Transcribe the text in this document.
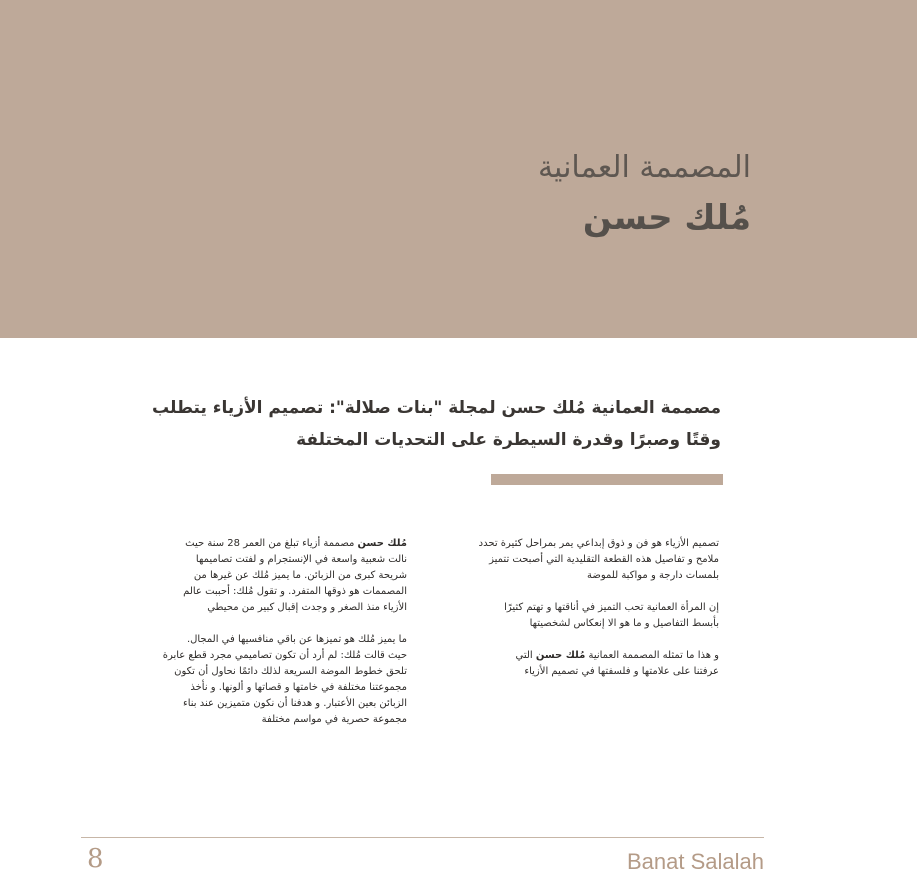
المصممة العمانية
مُلك حسن
مصممة العمانية مُلك حسن لمجلة "بنات صلالة": تصميم الأزياء يتطلب
وقتًا وصبرًا وقدرة السيطرة على التحديات المختلفة
تصميم الأزياء هو فن و ذوق إبداعي يمر بمراحل كثيرة تحدد
ملامح و تفاصيل هذه القطعة التقليدية التي أصبحت تتميز
بلمسات دارجة و مواكبة للموضة
إن المرأة العمانية تحب التميز في أناقتها و تهتم كثيرًا
بأبسط التفاصيل و ما هو الا إنعكاس لشخصيتها
و هذا ما تمثله المصممة العمانية مُلك حسن التي
عرفتنا على علامتها و فلسفتها في تصميم الأزياء
مُلك حسن مصممة أزياء تبلغ من العمر 28 سنة حيث
نالت شعبية واسعة في الإنستجرام و لفتت تصاميمها
شريحة كبرى من الزبائن. ما يميز مُلك عن غيرها من
المصممات هو ذوقها المتفرد. و تقول مُلك: أحببت عالم
الأزياء منذ الصغر و وجدت إقبال كبير من محيطي
ما يميز مُلك هو تميزها عن باقي منافسيها في المجال.
حيث قالت مُلك: لم أرد أن تكون تصاميمي مجرد قطع عابرة
تلحق خطوط الموضة السريعة لذلك دائمًا نحاول أن تكون
مجموعتنا مختلفة في خامتها و قصاتها و ألونها. و نأخذ
الزبائن بعين الأعتبار. و هدفنا أن نكون متميزين عند بناء
مجموعة حصرية في مواسم مختلفة
8	Banat Salalah
